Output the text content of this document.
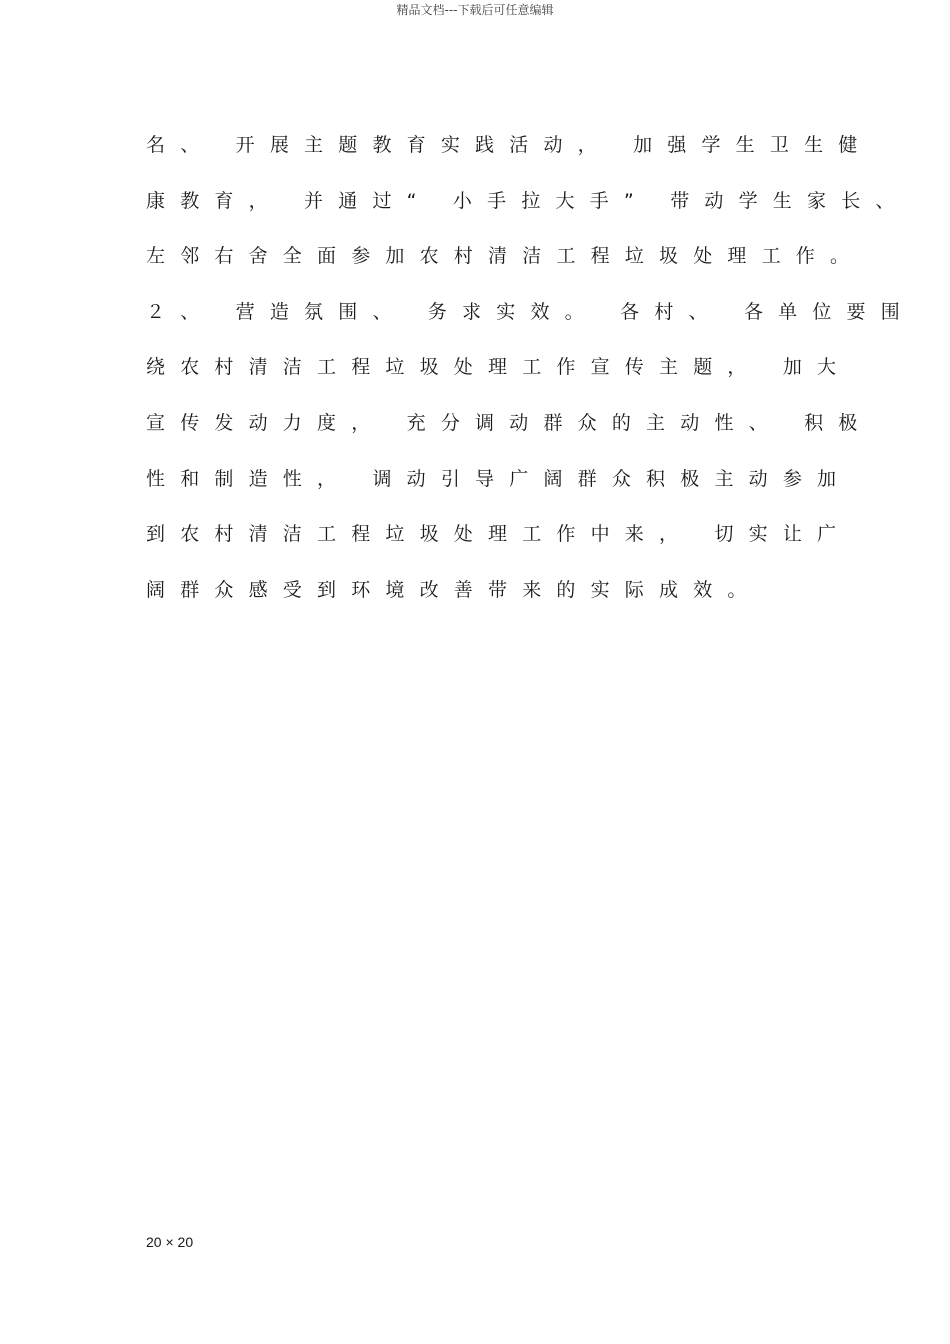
精品文档---下载后可任意编辑
名、 开展主题教育实践活动， 加强学生卫生健
康教育， 并通过“ 小手拉大手” 带动学生家长、
左邻右舍全面参加农村清洁工程垃圾处理工作。
２、 营造氛围、 务求实效。 各村、 各单位要围
绕农村清洁工程垃圾处理工作宣传主题， 加大
宣传发动力度， 充分调动群众的主动性、 积极
性和制造性， 调动引导广阔群众积极主动参加
到农村清洁工程垃圾处理工作中来， 切实让广
阔群众感受到环境改善带来的实际成效。
20 × 20
